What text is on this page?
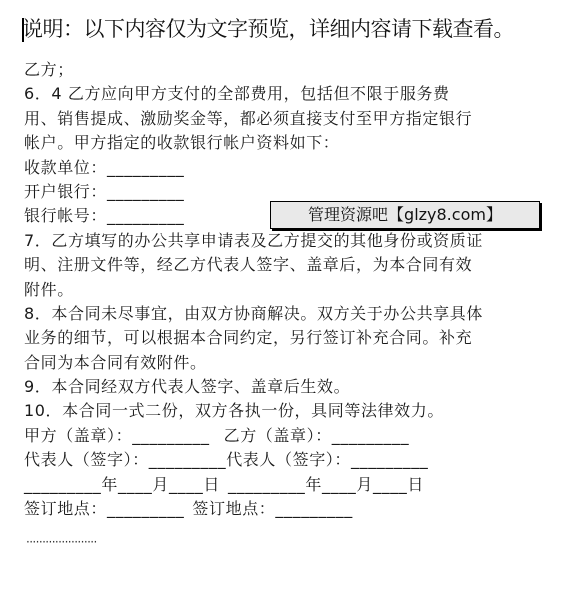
说明：以下内容仅为文字预览，详细内容请下载查看。
乙方；
6．4 乙方应向甲方支付的全部费用，包括但不限于服务费
用、销售提成、激励奖金等，都必须直接支付至甲方指定银行
帐户。甲方指定的收款银行帐户资料如下：
收款单位：_________
开户银行：_________
银行帐号：_________
7．乙方填写的办公共享申请表及乙方提交的其他身份或资质证
明、注册文件等，经乙方代表人签字、盖章后，为本合同有效
附件。
8．本合同未尽事宜，由双方协商解决。双方关于办公共享具体
业务的细节，可以根据本合同约定，另行签订补充合同。补充
合同为本合同有效附件。
9．本合同经双方代表人签字、盖章后生效。
10．本合同一式二份，双方各执一份，具同等法律效力。
甲方（盖章）：_________ 乙方（盖章）：_________
代表人（签字）：_________代表人（签字）：_________
_________年____月____日 _________年____月____日
签订地点：_________ 签订地点：_________
管理资源吧【glzy8.com】
······················
